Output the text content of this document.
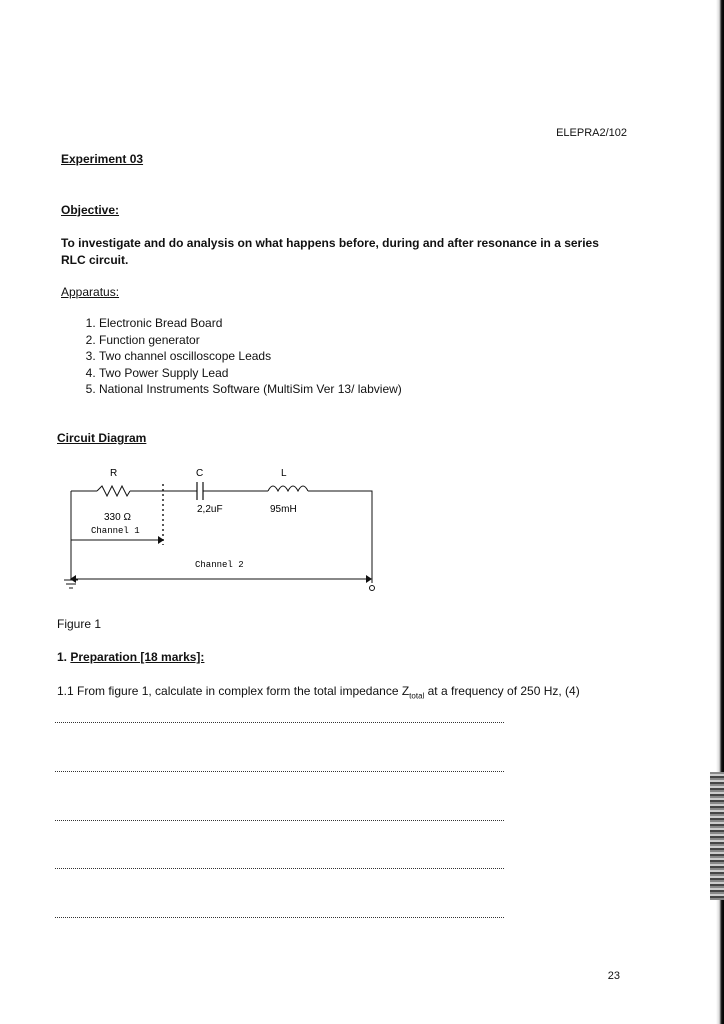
ELEPRA2/102
Experiment 03
Objective:
To investigate and do analysis on what happens before, during and after resonance in a series RLC circuit.
Apparatus:
1. Electronic Bread Board
2. Function generator
3. Two channel oscilloscope Leads
4. Two Power Supply Lead
5. National Instruments Software (MultiSim Ver 13/ labview)
Circuit Diagram
R
330 Ω
C
2,2uF
L
95mH
Channel 1
Channel 2
Figure 1
1. Preparation [18 marks]:
1.1 From figure 1, calculate in complex form the total impedance $Z_{total}$ at a frequency of 250 Hz, (4)
23
